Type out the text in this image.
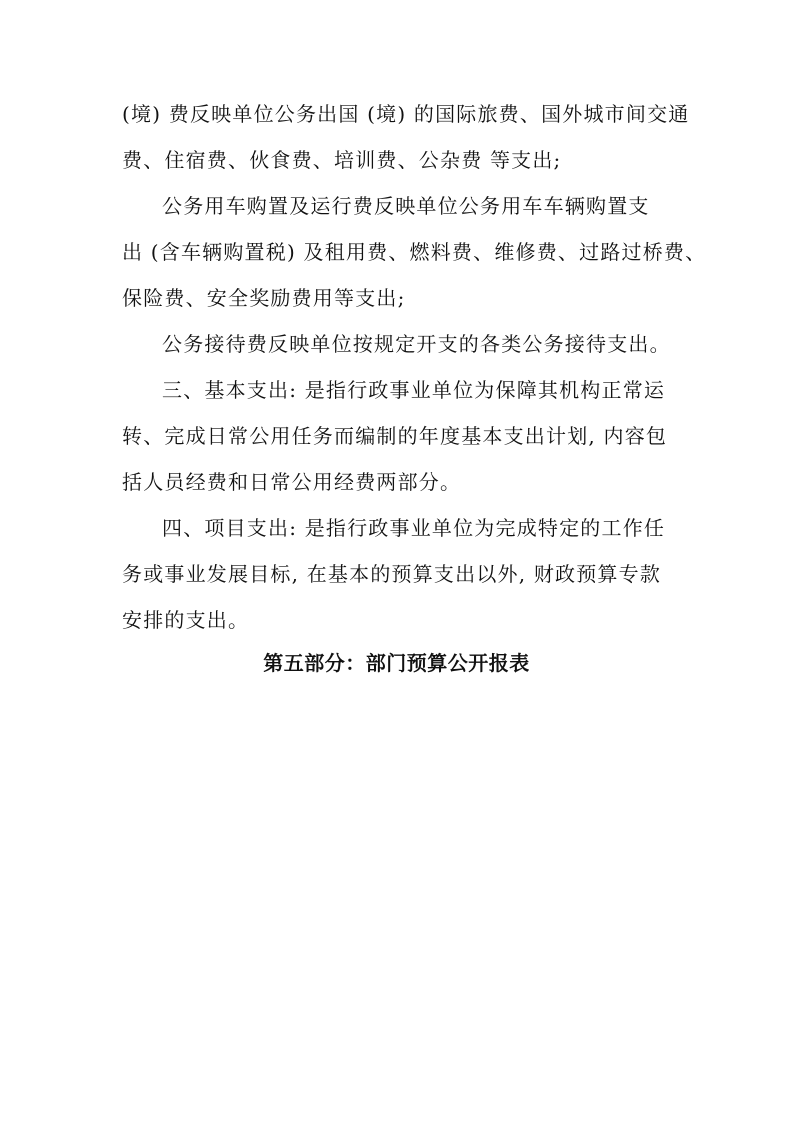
(境) 费反映单位公务出国 (境) 的国际旅费、国外城市间交通
费、住宿费、伙食费、培训费、公杂费 等支出;
公务用车购置及运行费反映单位公务用车车辆购置支
出 (含车辆购置税) 及租用费、燃料费、维修费、过路过桥费、
保险费、安全奖励费用等支出;
公务接待费反映单位按规定开支的各类公务接待支出。
三、基本支出: 是指行政事业单位为保障其机构正常运
转、完成日常公用任务而编制的年度基本支出计划, 内容包
括人员经费和日常公用经费两部分。
四、项目支出: 是指行政事业单位为完成特定的工作任
务或事业发展目标, 在基本的预算支出以外, 财政预算专款
安排的支出。
第五部分：部门预算公开报表
